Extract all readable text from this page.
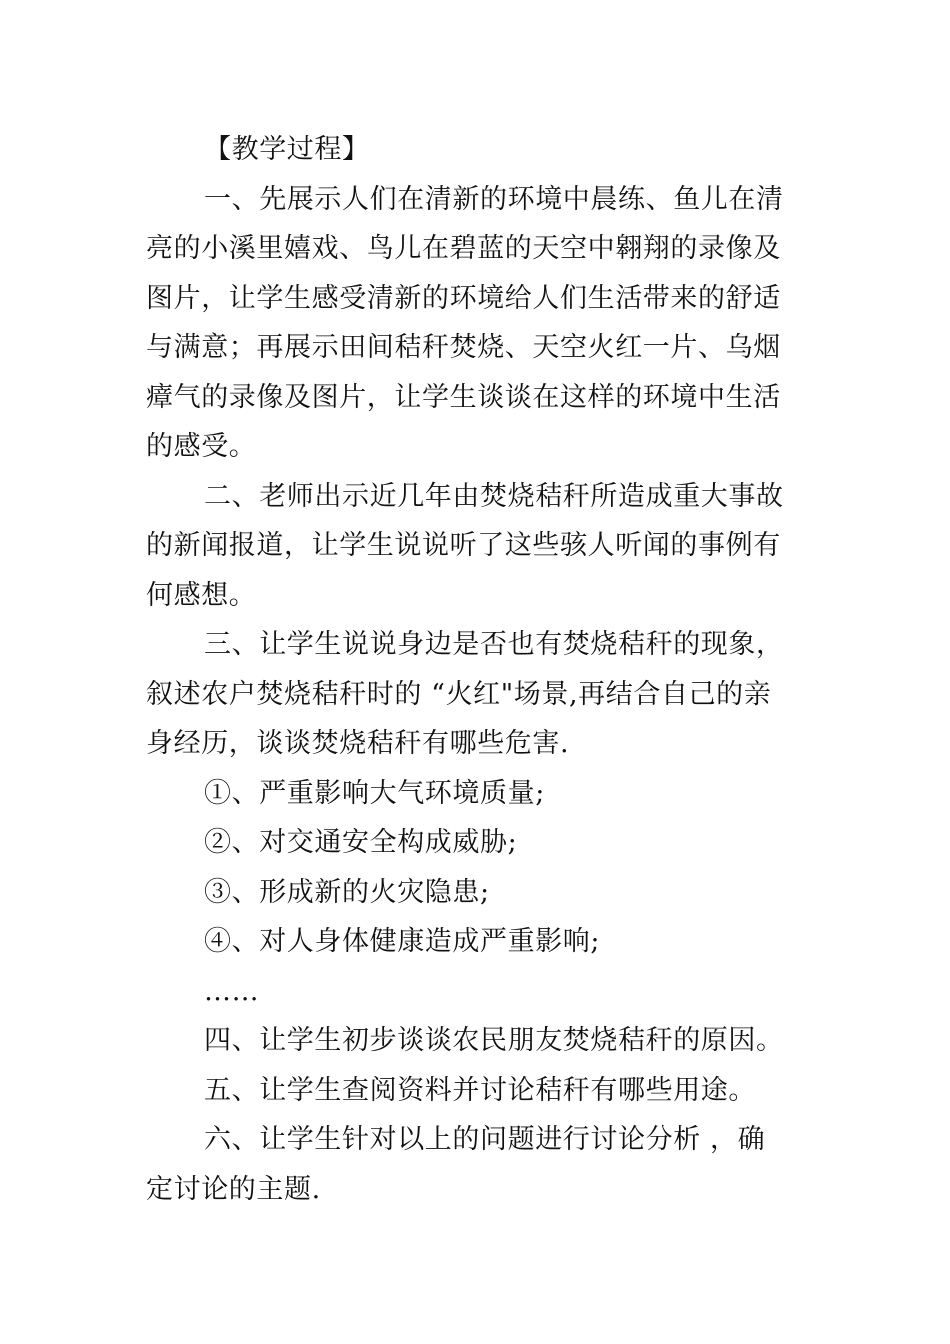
【教学过程】

一、先展示人们在清新的环境中晨练、鱼儿在清
亮的小溪里嬉戏、鸟儿在碧蓝的天空中翱翔的录像及
图片，让学生感受清新的环境给人们生活带来的舒适
与满意；再展示田间秸秆焚烧、天空火红一片、乌烟
瘴气的录像及图片，让学生谈谈在这样的环境中生活
的感受。
二、老师出示近几年由焚烧秸秆所造成重大事故
的新闻报道，让学生说说听了这些骇人听闻的事例有
何感想。
三、让学生说说身边是否也有焚烧秸秆的现象，
叙述农户焚烧秸秆时的 “火红"场景,再结合自己的亲
身经历，谈谈焚烧秸秆有哪些危害.

①、严重影响大气环境质量;

②、对交通安全构成威胁;

③、形成新的火灾隐患;

④、对人身体健康造成严重影响;

……

四、让学生初步谈谈农民朋友焚烧秸秆的原因。

五、让学生查阅资料并讨论秸秆有哪些用途。

六、让学生针对以上的问题进行讨论分析 ，确
定讨论的主题.
